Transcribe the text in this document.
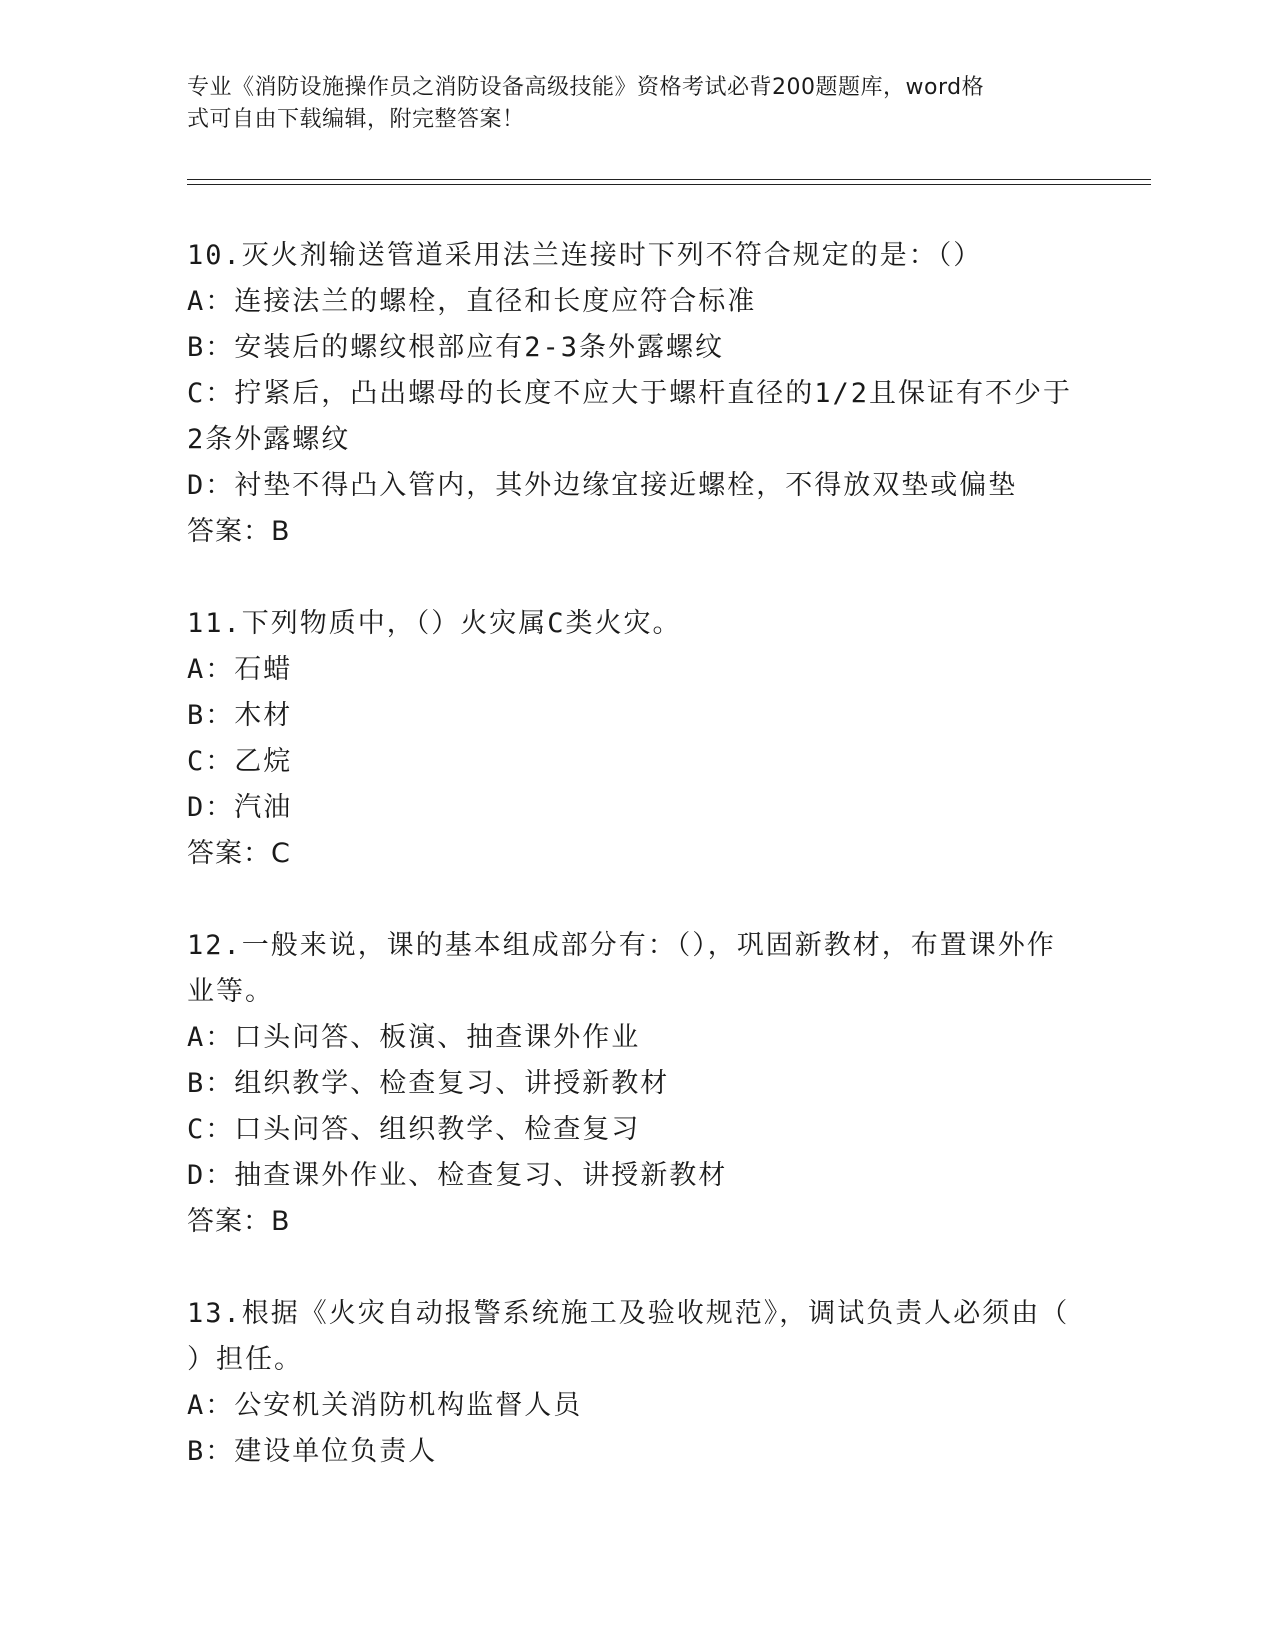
专业《消防设施操作员之消防设备高级技能》资格考试必背200题题库，word格
式可自由下载编辑，附完整答案！
10.灭火剂输送管道采用法兰连接时下列不符合规定的是：（）
A：连接法兰的螺栓，直径和长度应符合标准
B：安装后的螺纹根部应有2-3条外露螺纹
C：拧紧后，凸出螺母的长度不应大于螺杆直径的1/2且保证有不少于
2条外露螺纹
D：衬垫不得凸入管内，其外边缘宜接近螺栓，不得放双垫或偏垫
答案：B
11.下列物质中，（）火灾属C类火灾。
A：石蜡
B：木材
C：乙烷
D：汽油
答案：C
12.一般来说，课的基本组成部分有：（），巩固新教材，布置课外作
业等。
A：口头问答、板演、抽查课外作业
B：组织教学、检查复习、讲授新教材
C：口头问答、组织教学、检查复习
D：抽查课外作业、检查复习、讲授新教材
答案：B
13.根据《火灾自动报警系统施工及验收规范》，调试负责人必须由（
）担任。
A：公安机关消防机构监督人员
B：建设单位负责人
